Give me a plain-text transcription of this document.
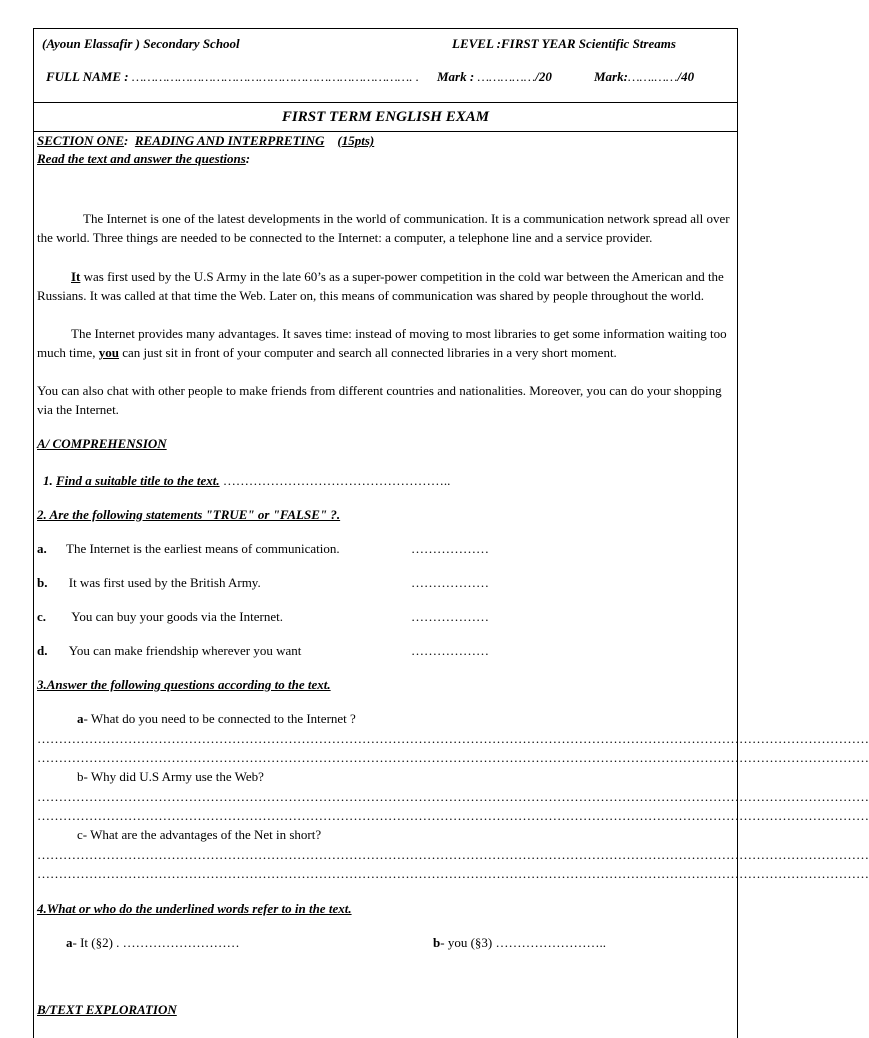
(Ayoun Elassafir ) Secondary School	LEVEL :FIRST YEAR Scientific Streams
FULL NAME : ………………………………………………………………. . Mark : ……………/20	Mark:…….……/40
FIRST TERM ENGLISH EXAM
SECTION ONE: READING AND INTERPRETING (15pts)
Read the text and answer the questions:
The Internet is one of the latest developments in the world of communication. It is a communication network spread all over the world. Three things are needed to be connected to the Internet: a computer, a telephone line and a service provider.
It was first used by the U.S Army in the late 60’s as a super-power competition in the cold war between the American and the Russians. It was called at that time the Web. Later on, this means of communication was shared by people throughout the world.
The Internet provides many advantages. It saves time: instead of moving to most libraries to get some information waiting too much time, you can just sit in front of your computer and search all connected libraries in a very short moment.
You can also chat with other people to make friends from different countries and nationalities. Moreover, you can do your shopping via the Internet.
A/ COMPREHENSION
1. Find a suitable title to the text. ……………………………………………..
2. Are the following statements "TRUE" or "FALSE" ?.
a. The Internet is the earliest means of communication.	………………
b. It was first used by the British Army.	………………
c. You can buy your goods via the Internet.	………………
d. You can make friendship wherever you want	………………
3.Answer the following questions according to the text.
a- What do you need to be connected to the Internet ?
…………………………………………………………………………………………………………………………………………………………………………
…………………………………………………………………………………………………………………………………………………………………………
b- Why did U.S Army use the Web?
…………………………………………………………………………………………………………………………………………………………………………
…………………………………………………………………………………………………………………………………………………………………………
c- What are the advantages of the Net in short?
…………………………………………………………………………………………………………………………………………………………………………
…………………………………………………………………………………………………………………………………………………………………………
4.What or who do the underlined words refer to in the text.
a- It (§2) . ………………………	b- you (§3) ……………………..
B/TEXT EXPLORATION
